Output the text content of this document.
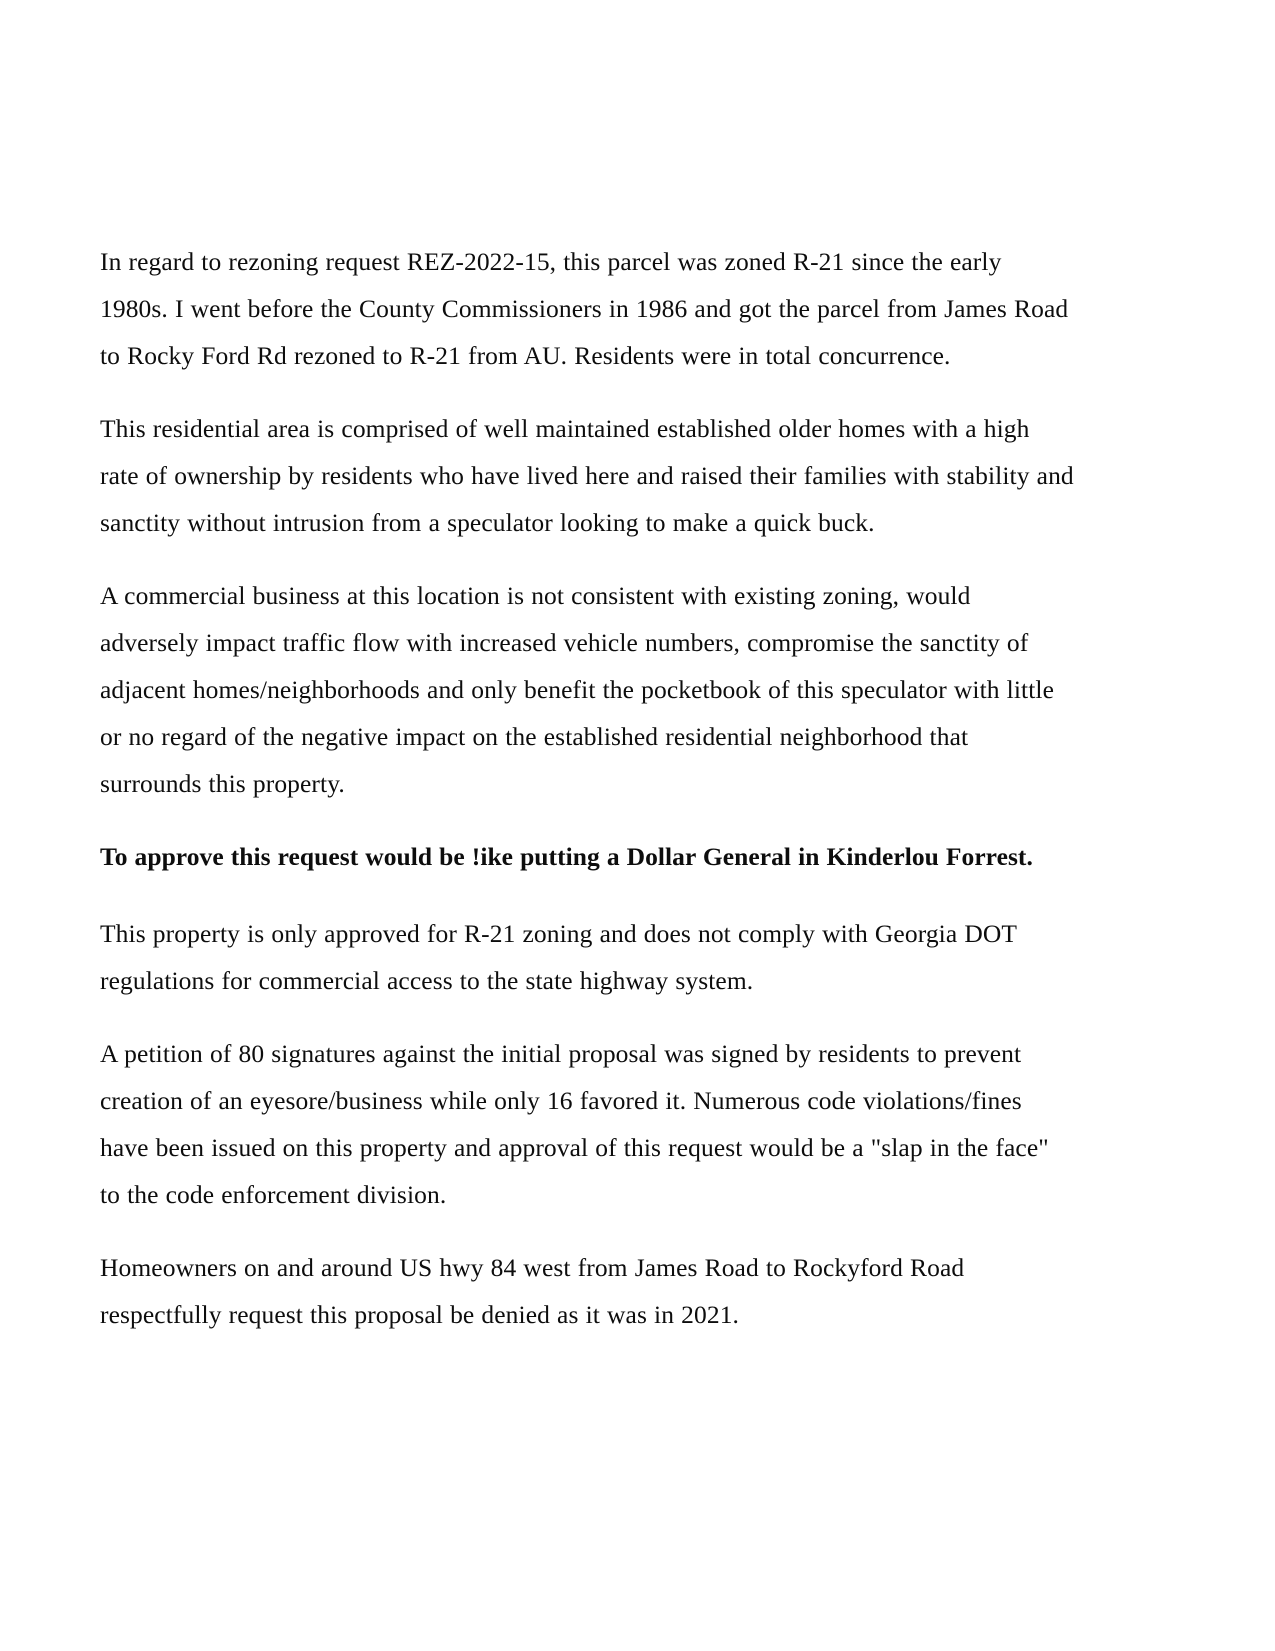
In regard to rezoning request REZ-2022-15, this parcel was zoned R-21 since the early 1980s. I went before the County Commissioners in 1986 and got the parcel from James Road to Rocky Ford Rd rezoned to R-21 from AU. Residents were in total concurrence.

This residential area is comprised of well maintained established older homes with a high rate of ownership by residents who have lived here and raised their families with stability and sanctity without intrusion from a speculator looking to make a quick buck.

A commercial business at this location is not consistent with existing zoning, would adversely impact traffic flow with increased vehicle numbers, compromise the sanctity of adjacent homes/neighborhoods and only benefit the pocketbook of this speculator with little or no regard of the negative impact on the established residential neighborhood that surrounds this property.

To approve this request would be !ike putting a Dollar General in Kinderlou Forrest.

This property is only approved for R-21 zoning and does not comply with Georgia DOT regulations for commercial access to the state highway system.

A petition of 80 signatures against the initial proposal was signed by residents to prevent creation of an eyesore/business while only 16 favored it. Numerous code violations/fines have been issued on this property and approval of this request would be a "slap in the face" to the code enforcement division.

Homeowners on and around US hwy 84 west from James Road to Rockyford Road respectfully request this proposal be denied as it was in 2021.
